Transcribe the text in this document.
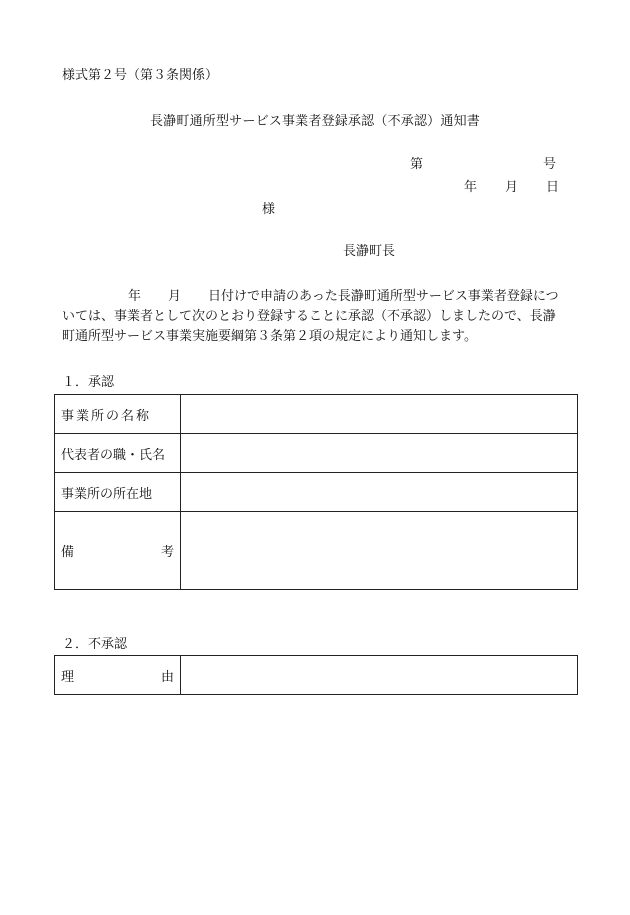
様式第２号（第３条関係）
長瀞町通所型サービス事業者登録承認（不承認）通知書
第	号
年 月 日
様
長瀞町長
年 月 日付けで申請のあった長瀞町通所型サービス事業者登録につ
いては、事業者として次のとおり登録することに承認（不承認）しましたので、長瀞
町通所型サービス事業実施要綱第３条第２項の規定により通知します。
１．承認
事業所の名称	
代表者の職・氏名	
事業所の所在地	

備 考	

２．不承認
理	由
